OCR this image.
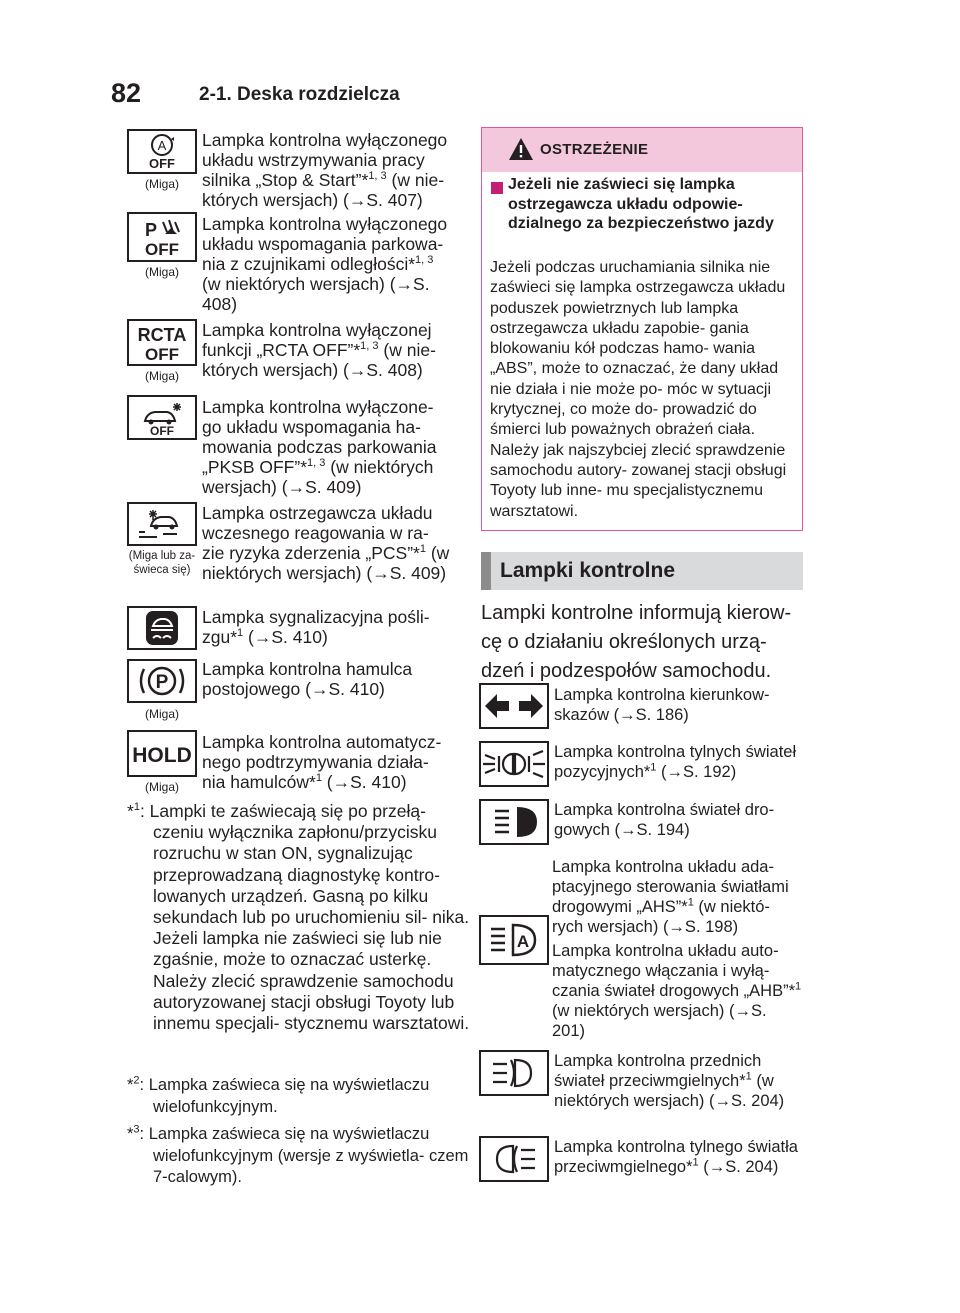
82	2-1. Deska rozdzielcza
A
OFF
(Miga)
Lampka kontrolna wyłączonego układu wstrzymywania pracy silnika „Stop & Start”*$^{1, 3}$ (w nie- których wersjach) (→S. 407)
P
OFF
(Miga)
Lampka kontrolna wyłączonego układu wspomagania parkowa- nia z czujnikami odległości*$^{1, 3}$ (w niektórych wersjach) (→S. 408)
RCTA
OFF
(Miga)
Lampka kontrolna wyłączonej funkcji „RCTA OFF”*$^{1, 3}$ (w nie- których wersjach) (→S. 408)
OFF
Lampka kontrolna wyłączone- go układu wspomagania ha- mowania podczas parkowania „PKSB OFF”*$^{1, 3}$ (w niektórych wersjach) (→S. 409)
(Miga lub za- świeca się)
Lampka ostrzegawcza układu wczesnego reagowania w ra- zie ryzyka zderzenia „PCS”*$^1$ (w niektórych wersjach) (→S. 409)
Lampka sygnalizacyjna pośli- zgu*$^1$ (→S. 410)
P
(Miga)
Lampka kontrolna hamulca postojowego (→S. 410)
HOLD
(Miga)
Lampka kontrolna automatycz- nego podtrzymywania działa- nia hamulców*$^1$ (→S. 410)
*$^1$: Lampki te zaświecają się po przełą- czeniu wyłącznika zapłonu/przycisku rozruchu w stan ON, sygnalizując przeprowadzaną diagnostykę kontro- lowanych urządzeń. Gasną po kilku sekundach lub po uruchomieniu sil- nika. Jeżeli lampka nie zaświeci się lub nie zgaśnie, może to oznaczać usterkę. Należy zlecić sprawdzenie samochodu autoryzowanej stacji obsługi Toyoty lub innemu specjali- stycznemu warsztatowi.
*$^2$: Lampka zaświeca się na wyświetlaczu wielofunkcyjnym.
*$^3$: Lampka zaświeca się na wyświetlaczu wielofunkcyjnym (wersje z wyświetla- czem 7-calowym).
OSTRZEŻENIE
Jeżeli nie zaświeci się lampka ostrzegawcza układu odpowie- dzialnego za bezpieczeństwo jazdy
Jeżeli podczas uruchamiania silnika nie zaświeci się lampka ostrzegawcza układu poduszek powietrznych lub lampka ostrzegawcza układu zapobie- gania blokowaniu kół podczas hamo- wania „ABS”, może to oznaczać, że dany układ nie działa i nie może po- móc w sytuacji krytycznej, co może do- prowadzić do śmierci lub poważnych obrażeń ciała. Należy jak najszybciej zlecić sprawdzenie samochodu autory- zowanej stacji obsługi Toyoty lub inne- mu specjalistycznemu warsztatowi.
Lampki kontrolne
Lampki kontrolne informują kierow- cę o działaniu określonych urzą- dzeń i podzespołów samochodu.
Lampka kontrolna kierunkow- skazów (→S. 186)
Lampka kontrolna tylnych świateł pozycyjnych*$^1$ (→S. 192)
Lampka kontrolna świateł dro- gowych (→S. 194)
Lampka kontrolna układu ada- ptacyjnego sterowania światłami drogowymi „AHS”*$^1$ (w niektó- rych wersjach) (→S. 198)
A Lampka kontrolna układu auto- matycznego włączania i wyłą- czania świateł drogowych „AHB”*$^1$ (w niektórych wersjach) (→S. 201)
Lampka kontrolna przednich świateł przeciwmgielnych*$^1$ (w niektórych wersjach) (→S. 204)
Lampka kontrolna tylnego światła przeciwmgielnego*$^1$ (→S. 204)
